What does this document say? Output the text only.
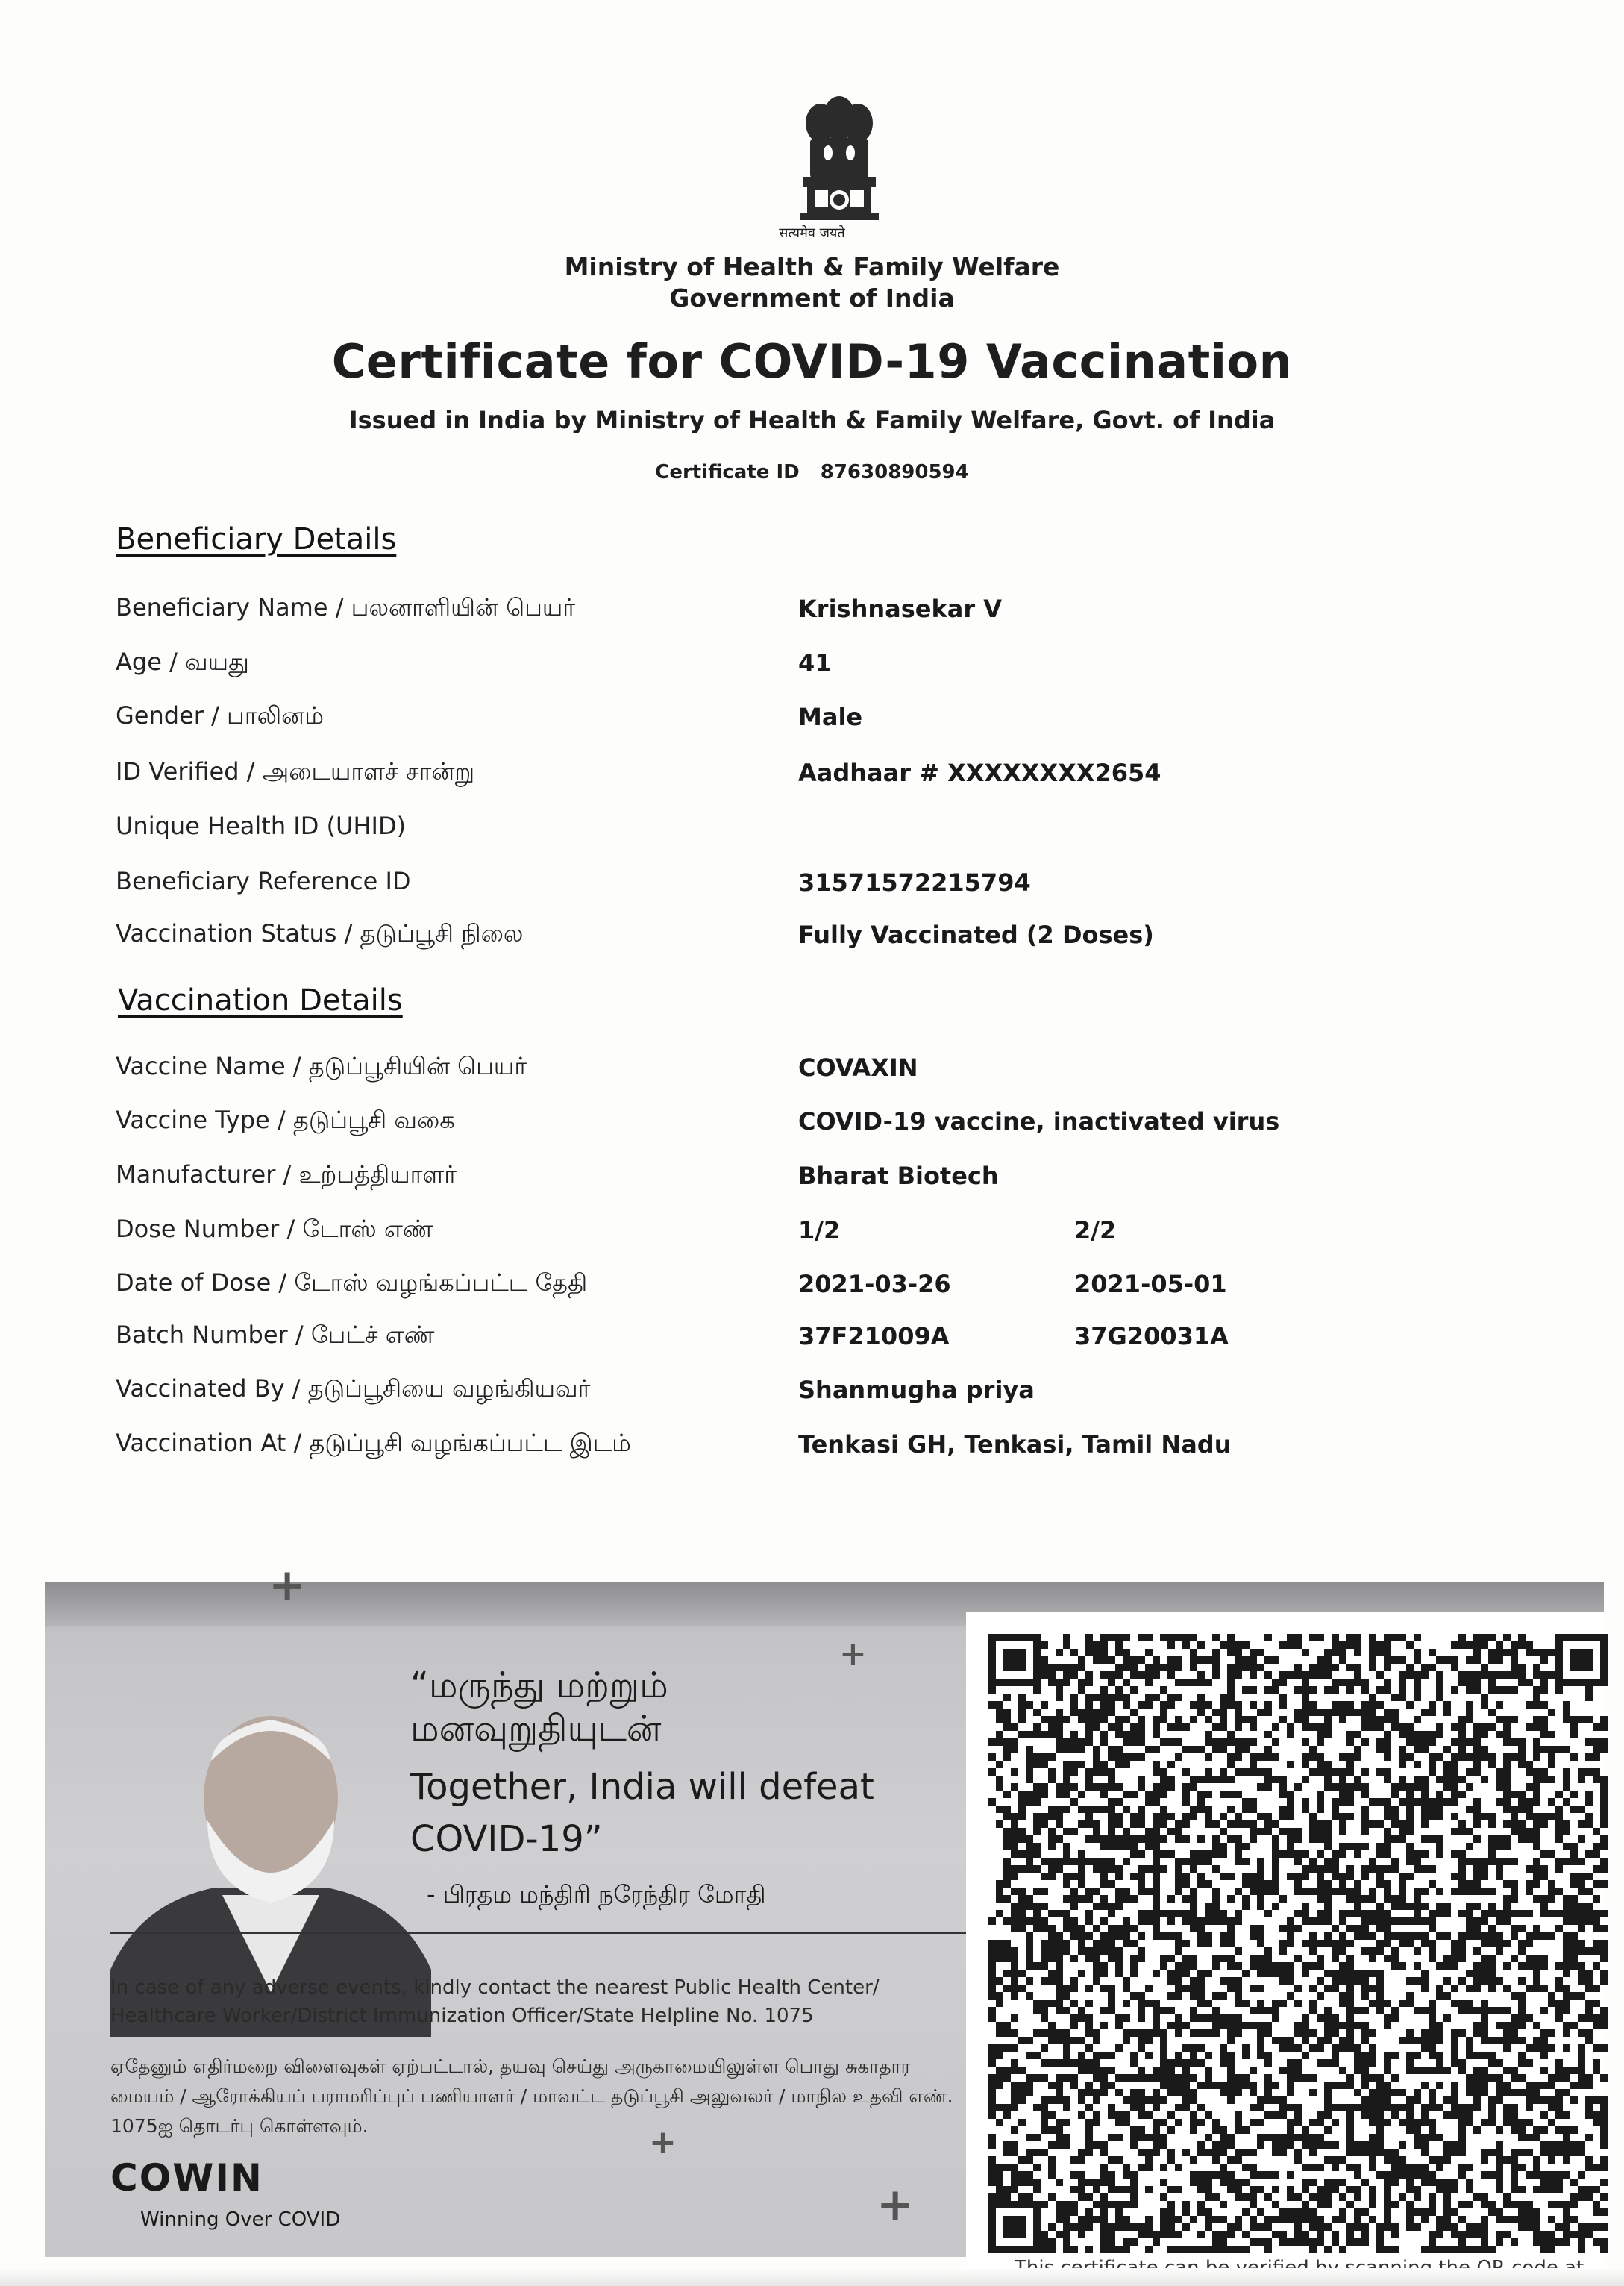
सत्यमेव जयते
Ministry of Health & Family Welfare
Government of India
Certificate for COVID-19 Vaccination
Issued in India by Ministry of Health & Family Welfare, Govt. of India
Certificate ID 87630890594
Beneficiary Details
Beneficiary Name / பலனாளியின் பெயர்	Krishnasekar V
Age / வயது	41
Gender / பாலினம்	Male
ID Verified / அடையாளச் சான்று	Aadhaar # XXXXXXXX2654
Unique Health ID (UHID)
Beneficiary Reference ID	31571572215794
Vaccination Status / தடுப்பூசி நிலை	Fully Vaccinated (2 Doses)
Vaccination Details
Vaccine Name / தடுப்பூசியின் பெயர்	COVAXIN
Vaccine Type / தடுப்பூசி வகை	COVID-19 vaccine, inactivated virus
Manufacturer / உற்பத்தியாளர்	Bharat Biotech
Dose Number / டோஸ் எண்	1/2	2/2
Date of Dose / டோஸ் வழங்கப்பட்ட தேதி	2021-03-26	2021-05-01
Batch Number / பேட்ச் எண்	37F21009A	37G20031A
Vaccinated By / தடுப்பூசியை வழங்கியவர்	Shanmugha priya
Vaccination At / தடுப்பூசி வழங்கப்பட்ட இடம்	Tenkasi GH, Tenkasi, Tamil Nadu
“மருந்து மற்றும்
மனவுறுதியுடன்
Together, India will defeat COVID-19”
- பிரதம மந்திரி நரேந்திர மோதி
In case of any adverse events, kindly contact the nearest Public Health Center/ Healthcare Worker/District Immunization Officer/State Helpline No. 1075
ஏதேனும் எதிர்மறை விளைவுகள் ஏற்பட்டால், தயவு செய்து அருகாமையிலுள்ள பொது சுகாதார மையம் / ஆரோக்கியப் பராமரிப்புப் பணியாளர் / மாவட்ட தடுப்பூசி அலுவலர் / மாநில உதவி எண். 1075ஐ தொடர்பு கொள்ளவும்.
COWIN
Winning Over COVID
+
+
+
+
